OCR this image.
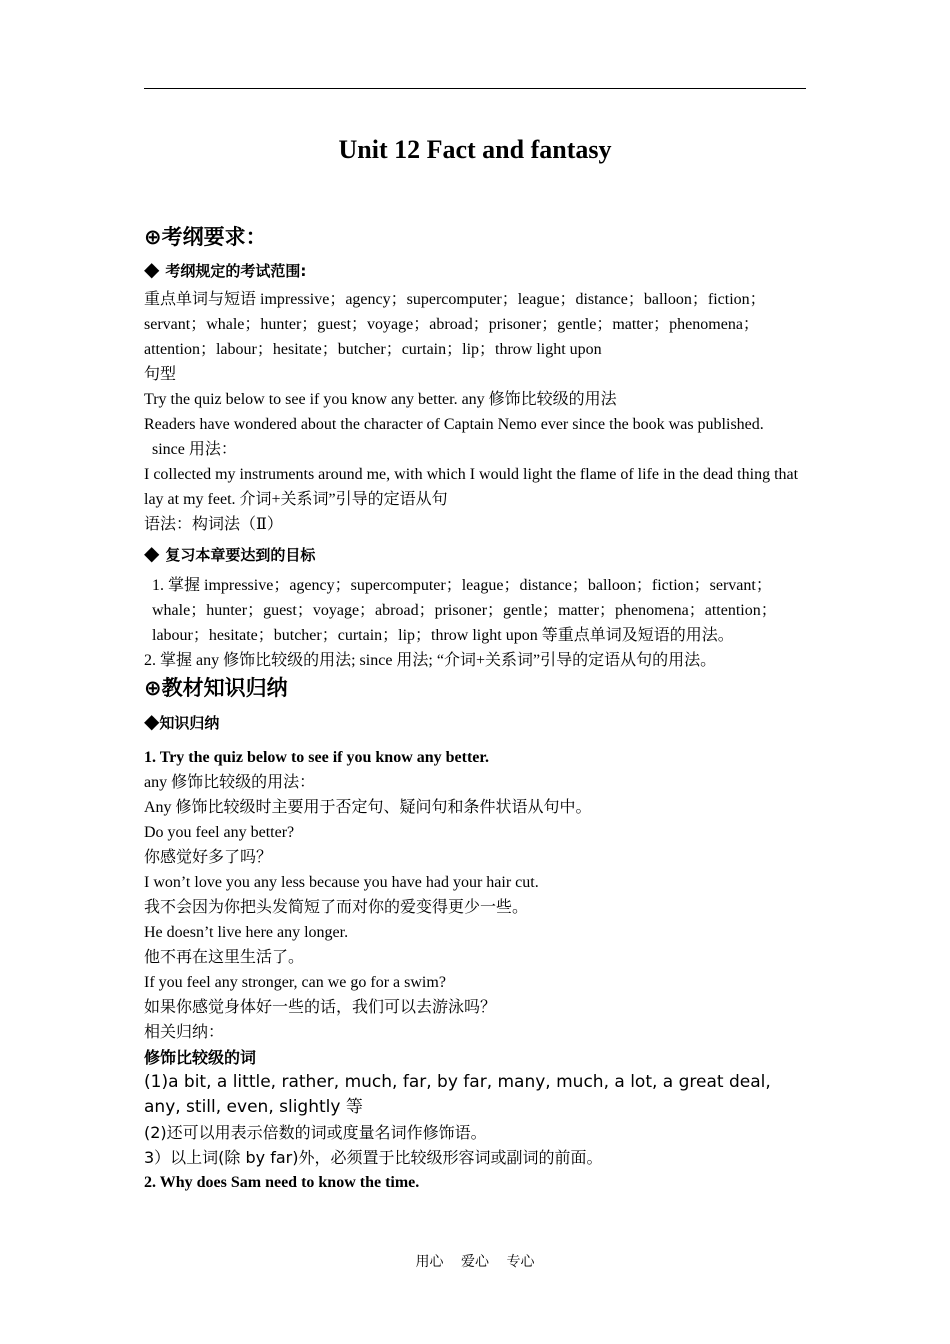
Unit 12 Fact and fantasy
⊕考纲要求：
◆ 考纲规定的考试范围:

重点单词与短语 impressive；agency；supercomputer；league；distance；balloon；fiction；servant；whale；hunter；guest；voyage；abroad；prisoner；gentle；matter；phenomena；attention；labour；hesitate；butcher；curtain；lip；throw light upon

句型

Try the quiz below to see if you know any better. any 修饰比较级的用法

Readers have wondered about the character of Captain Nemo ever since the book was published.

since 用法：

I collected my instruments around me, with which I would light the flame of life in the dead thing that lay at my feet. 介词+关系词”引导的定语从句

语法：构词法（Ⅱ）

◆ 复习本章要达到的目标

1. 掌握 impressive；agency；supercomputer；league；distance；balloon；fiction；servant；whale；hunter；guest；voyage；abroad；prisoner；gentle；matter；phenomena；attention；labour；hesitate；butcher；curtain；lip；throw light upon 等重点单词及短语的用法。

2. 掌握 any 修饰比较级的用法; since 用法; “介词+关系词”引导的定语从句的用法。

⊕教材知识归纳
◆知识归纳

1. Try the quiz below to see if you know any better.

any 修饰比较级的用法：

Any 修饰比较级时主要用于否定句、疑问句和条件状语从句中。

Do you feel any better?

你感觉好多了吗？

I won’t love you any less because you have had your hair cut.

我不会因为你把头发简短了而对你的爱变得更少一些。

He doesn’t live here any longer.

他不再在这里生活了。

If you feel any stronger, can we go for a swim?

如果你感觉身体好一些的话，我们可以去游泳吗？

相关归纳：

修饰比较级的词

(1)a bit, a little, rather, much, far, by far, many, much, a lot, a great deal, any, still, even, slightly 等

(2)还可以用表示倍数的词或度量名词作修饰语。

3）以上词(除 by far)外，必须置于比较级形容词或副词的前面。

2. Why does Sam need to know the time.

用心 爱心 专心
